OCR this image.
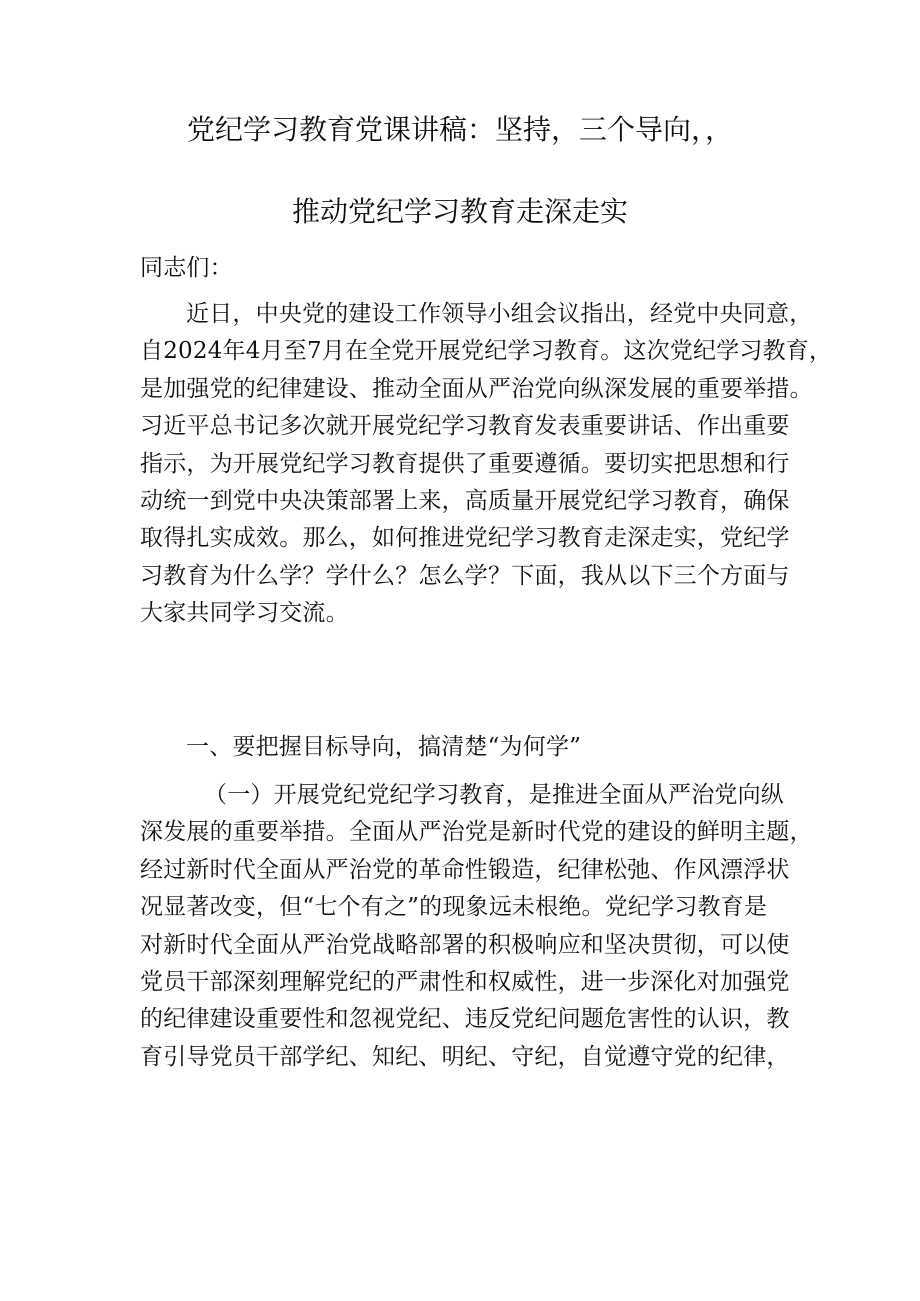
党纪学习教育党课讲稿：坚持，三个导向，，
推动党纪学习教育走深走实
同志们：
近日，中央党的建设工作领导小组会议指出，经党中央同意，
自2024年4月至7月在全党开展党纪学习教育。这次党纪学习教育，
是加强党的纪律建设、推动全面从严治党向纵深发展的重要举措。
习近平总书记多次就开展党纪学习教育发表重要讲话、作出重要
指示，为开展党纪学习教育提供了重要遵循。要切实把思想和行
动统一到党中央决策部署上来，高质量开展党纪学习教育，确保
取得扎实成效。那么，如何推进党纪学习教育走深走实，党纪学
习教育为什么学？学什么？怎么学？下面，我从以下三个方面与
大家共同学习交流。
一、要把握目标导向，搞清楚“为何学”
（一）开展党纪党纪学习教育，是推进全面从严治党向纵
深发展的重要举措。全面从严治党是新时代党的建设的鲜明主题，
经过新时代全面从严治党的革命性锻造，纪律松弛、作风漂浮状
况显著改变，但“七个有之”的现象远未根绝。党纪学习教育是
对新时代全面从严治党战略部署的积极响应和坚决贯彻，可以使
党员干部深刻理解党纪的严肃性和权威性，进一步深化对加强党
的纪律建设重要性和忽视党纪、违反党纪问题危害性的认识，教
育引导党员干部学纪、知纪、明纪、守纪，自觉遵守党的纪律，
